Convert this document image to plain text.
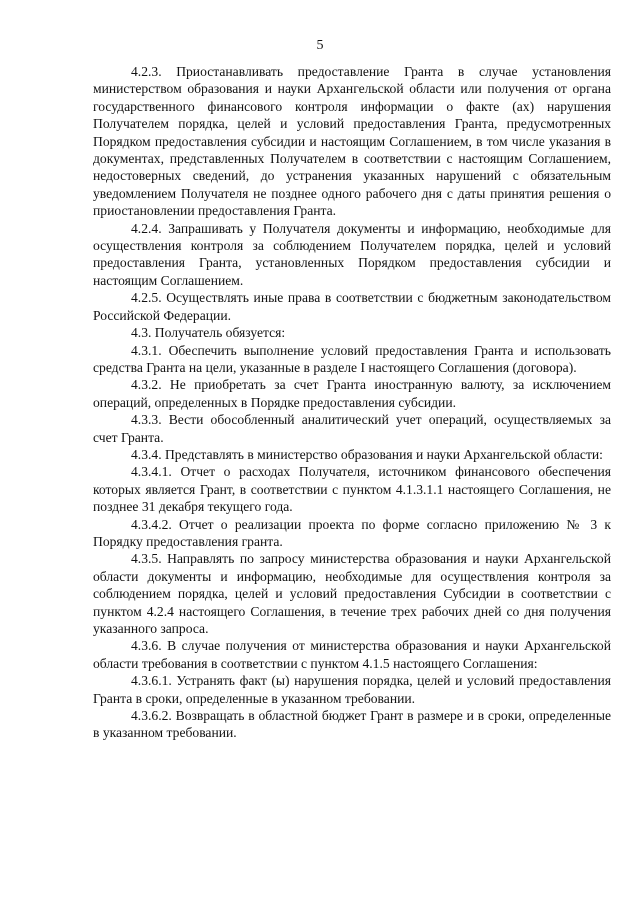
5

4.2.3. Приостанавливать предоставление Гранта в случае установления министерством образования и науки Архангельской области или получения от органа государственного финансового контроля информации о факте (ах) нарушения Получателем порядка, целей и условий предоставления Гранта, предусмотренных Порядком предоставления субсидии и настоящим Соглашением, в том числе указания в документах, представленных Получателем в соответствии с настоящим Соглашением, недостоверных сведений, до устранения указанных нарушений с обязательным уведомлением Получателя не позднее одного рабочего дня с даты принятия решения о приостановлении предоставления Гранта.

4.2.4. Запрашивать у Получателя документы и информацию, необходимые для осуществления контроля за соблюдением Получателем порядка, целей и условий предоставления Гранта, установленных Порядком предоставления субсидии и настоящим Соглашением.

4.2.5. Осуществлять иные права в соответствии с бюджетным законодательством Российской Федерации.

4.3. Получатель обязуется:

4.3.1. Обеспечить выполнение условий предоставления Гранта и использовать средства Гранта на цели, указанные в разделе I настоящего Соглашения (договора).

4.3.2. Не приобретать за счет Гранта иностранную валюту, за исключением операций, определенных в Порядке предоставления субсидии.

4.3.3. Вести обособленный аналитический учет операций, осуществляемых за счет Гранта.

4.3.4. Представлять в министерство образования и науки Архангельской области:

4.3.4.1. Отчет о расходах Получателя, источником финансового обеспечения которых является Грант, в соответствии с пунктом 4.1.3.1.1 настоящего Соглашения, не позднее 31 декабря текущего года.

4.3.4.2. Отчет о реализации проекта по форме согласно приложению № 3 к Порядку предоставления гранта.

4.3.5. Направлять по запросу министерства образования и науки Архангельской области документы и информацию, необходимые для осуществления контроля за соблюдением порядка, целей и условий предоставления Субсидии в соответствии с пунктом 4.2.4 настоящего Соглашения, в течение трех рабочих дней со дня получения указанного запроса.

4.3.6. В случае получения от министерства образования и науки Архангельской области требования в соответствии с пунктом 4.1.5 настоящего Соглашения:

4.3.6.1. Устранять факт (ы) нарушения порядка, целей и условий предоставления Гранта в сроки, определенные в указанном требовании.

4.3.6.2. Возвращать в областной бюджет Грант в размере и в сроки, определенные в указанном требовании.
